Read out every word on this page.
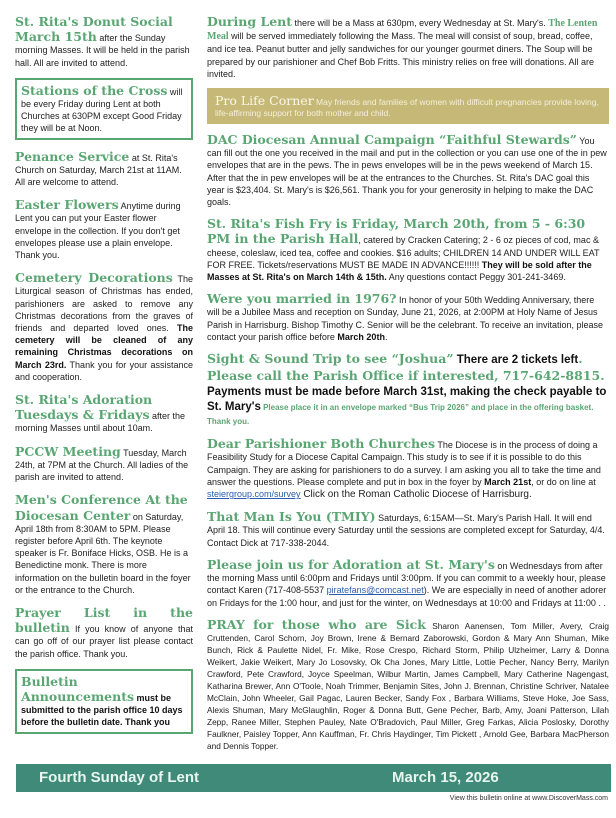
St. Rita's Donut Social March 15th after the Sunday morning Masses. It will be held in the parish hall. All are invited to attend.
Stations of the Cross will be every Friday during Lent at both Churches at 630PM except Good Friday they will be at Noon.
Penance Service at St. Rita's Church on Saturday, March 21st at 11AM. All are welcome to attend.
Easter Flowers Anytime during Lent you can put your Easter flower envelope in the collection. If you don't get envelopes please use a plain envelope. Thank you.
Cemetery Decorations The Liturgical season of Christmas has ended, parishioners are asked to remove any Christmas decorations from the graves of friends and departed loved ones. The cemetery will be cleaned of any remaining Christmas decorations on March 23rd. Thank you for your assistance and cooperation.
St. Rita's Adoration Tuesdays & Fridays after the morning Masses until about 10am.
PCCW Meeting Tuesday, March 24th, at 7PM at the Church. All ladies of the parish are invited to attend.
Men's Conference At the Diocesan Center on Saturday, April 18th from 8:30AM to 5PM. Please register before April 6th. The keynote speaker is Fr. Boniface Hicks, OSB. He is a Benedictine monk. There is more information on the bulletin board in the foyer or the entrance to the Church.
Prayer List in the bulletin If you know of anyone that can go off of our prayer list please contact the parish office. Thank you.
Bulletin Announcements must be submitted to the parish office 10 days before the bulletin date. Thank you
During Lent there will be a Mass at 630pm, every Wednesday at St. Mary's. The Lenten Meal will be served immediately following the Mass. The meal will consist of soup, bread, coffee, and ice tea. Peanut butter and jelly sandwiches for our younger gourmet diners. The Soup will be prepared by our parishioner and Chef Bob Fritts. This ministry relies on free will donations. All are invited.
Pro Life Corner May friends and families of women with difficult pregnancies provide loving, life-affirming support for both mother and child.
DAC Diocesan Annual Campaign “Faithful Stewards” You can fill out the one you received in the mail and put in the collection or you can use one of the in pew envelopes that are in the pews. The in pews envelopes will be in the pews weekend of March 15. After that the in pew envelopes will be at the entrances to the Churches. St. Rita's DAC goal this year is $23,404. St. Mary's is $26,561. Thank you for your generosity in helping to make the DAC goals.
St. Rita's Fish Fry is Friday, March 20th, from 5 - 6:30 PM in the Parish Hall, catered by Cracken Catering; 2 - 6 oz pieces of cod, mac & cheese, coleslaw, iced tea, coffee and cookies. $16 adults; CHILDREN 14 AND UNDER WILL EAT FOR FREE. Tickets/reservations MUST BE MADE IN ADVANCE!!!!!! They will be sold after the Masses at St. Rita's on March 14th & 15th. Any questions contact Peggy 301-241-3469.
Were you married in 1976? In honor of your 50th Wedding Anniversary, there will be a Jubilee Mass and reception on Sunday, June 21, 2026, at 2:00PM at Holy Name of Jesus Parish in Harrisburg. Bishop Timothy C. Senior will be the celebrant. To receive an invitation, please contact your parish office before March 20th.
Sight & Sound Trip to see “Joshua” There are 2 tickets left. Please call the Parish Office if interested, 717-642-8815. Payments must be made before March 31st, making the check payable to St. Mary's Please place it in an envelope marked “Bus Trip 2026” and place in the offering basket. Thank you.
Dear Parishioner Both Churches The Diocese is in the process of doing a Feasibility Study for a Diocese Capital Campaign. This study is to see if it is possible to do this Campaign. They are asking for parishioners to do a survey. I am asking you all to take the time and answer the questions. Please complete and put in box in the foyer by March 21st, or do on line at steiergroup.com/survey Click on the Roman Catholic Diocese of Harrisburg.
That Man Is You (TMIY) Saturdays, 6:15AM—St. Mary's Parish Hall. It will end April 18. This will continue every Saturday until the sessions are completed except for Saturday, 4/4. Contact Dick at 717-338-2044.
Please join us for Adoration at St. Mary's on Wednesdays from after the morning Mass until 6:00pm and Fridays until 3:00pm. If you can commit to a weekly hour, please contact Karen (717-408-5537 piratefans@comcast.net). We are especially in need of another adorer on Fridays for the 1:00 hour, and just for the winter, on Wednesdays at 10:00 and Fridays at 11:00 . .
PRAY for those who are Sick Sharon Aanensen, Tom Miller, Avery, Craig Cruttenden, Carol Schorn, Joy Brown, Irene & Bernard Zaborowski, Gordon & Mary Ann Shuman, Mike Bunch, Rick & Paulette Nidel, Fr. Mike, Rose Crespo, Richard Storm, Philip Ulzheimer, Larry & Donna Weikert, Jakie Weikert, Mary Jo Losovsky, Ok Cha Jones, Mary Little, Lottie Pecher, Nancy Berry, Marilyn Crawford, Pete Crawford, Joyce Speelman, Wilbur Martin, James Campbell, Mary Catherine Nagengast, Katharina Brewer, Ann O'Toole, Noah Trimmer, Benjamin Sites, John J. Brennan, Christine Schriver, Natalee McClain, John Wheeler, Gail Pagac, Lauren Becker, Sandy Fox , Barbara Williams, Steve Hoke, Joe Sass, Alexis Shuman, Mary McGlaughlin, Roger & Donna Butt, Gene Pecher, Barb, Amy, Joani Patterson, Lilah Zepp, Ranee Miller, Stephen Pauley, Nate O'Bradovich, Paul Miller, Greg Farkas, Alicia Poslosky, Dorothy Faulkner, Paisley Topper, Ann Kauffman, Fr. Chris Haydinger, Tim Pickett , Arnold Gee, Barbara MacPherson and Dennis Topper.
Fourth Sunday of Lent	March 15, 2026
View this bulletin online at www.DiscoverMass.com
